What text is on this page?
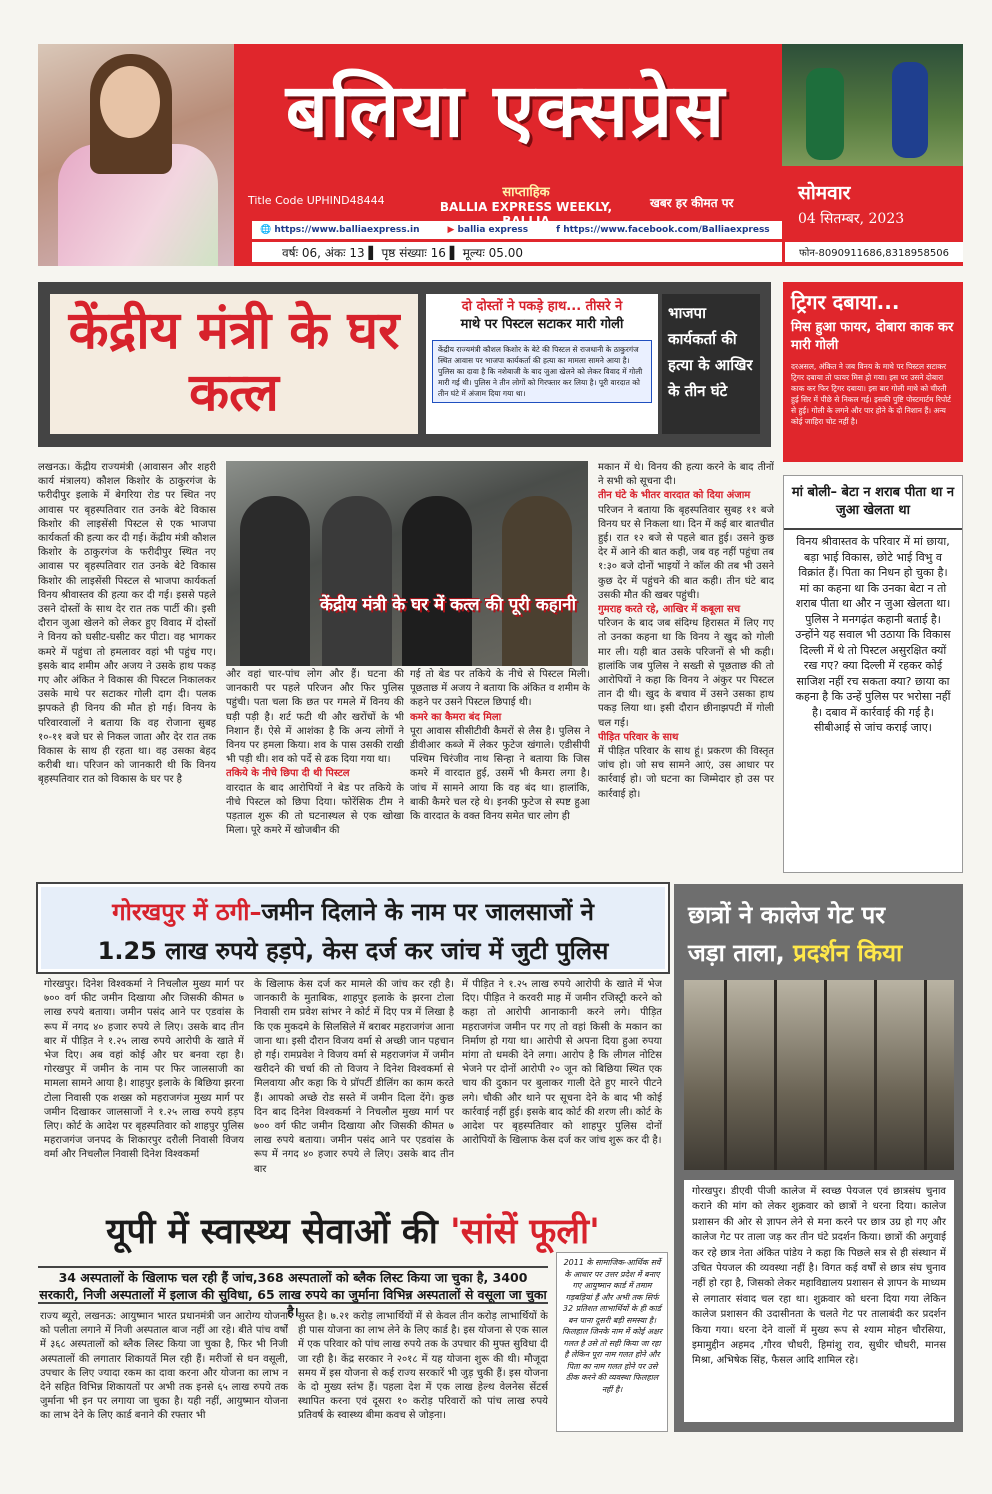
बलिया एक्सप्रेस
Title Code UPHIND48444
साप्ताहिक
BALLIA EXPRESS WEEKLY,	खबर हर कीमत पर	सोमवार
04 सितम्बर, 2023
🌐 https://www.balliaexpress.in	▶ ballia express	f https://www.facebook.com/Balliaexpress
वर्षः 06, अंकः 13 ▌ पृष्ठ संख्याः 16 ▌ मूल्यः 05.00	फोन-8090911686,8318958506
केंद्रीय मंत्री के घर कत्ल
दो दोस्तों ने पकड़े हाथ... तीसरे ने
माथे पर पिस्टल सटाकर मारी गोली
केंद्रीय राज्यमंत्री कौशल किशोर के बेटे की पिस्टल से राजधानी के ठाकुरगंज स्थित आवास पर भाजपा कार्यकर्ता की हत्या का मामला सामने आया है। पुलिस का दावा है कि नशेबाजी के बाद जुआ खेलने को लेकर विवाद में गोली मारी गई थी। पुलिस ने तीन लोगों को गिरफ्तार कर लिया है। पूरी वारदात को तीन घंटे में अंजाम दिया गया था।
भाजपा कार्यकर्ता की हत्या के आखिर के तीन घंटे
ट्रिगर दबाया...
मिस हुआ फायर, दोबारा काक कर मारी गोली
दरअसल, अंकित ने जब विनय के माथे पर पिस्टल सटाकर ट्रिगर दबाया तो फायर मिस हो गया। इस पर उसने दोबारा काक कर फिर ट्रिगर दबाया। इस बार गोली माथे को चीरती हुई सिर में पीछे से निकल गई। इसकी पुष्टि पोस्टमार्टम रिपोर्ट से हुई। गोली के लगने और पार होने के दो निशान हैं। अन्य कोई जाहिरा चोट नहीं है।
लखनऊ। केंद्रीय राज्यमंत्री (आवासन और शहरी कार्य मंत्रालय) कौशल किशोर के ठाकुरगंज के फरीदीपुर इलाके में बेगरिया रोड पर स्थित नए आवास पर बृहस्पतिवार रात उनके बेटे विकास किशोर की लाइसेंसी पिस्टल से एक भाजपा कार्यकर्ता की हत्या कर दी गई। केंद्रीय मंत्री कौशल किशोर के ठाकुरगंज के फरीदीपुर स्थित नए आवास पर बृहस्पतिवार रात उनके बेटे विकास किशोर की लाइसेंसी पिस्टल से भाजपा कार्यकर्ता विनय श्रीवास्तव की हत्या कर दी गई। इससे पहले उसने दोस्तों के साथ देर रात तक पार्टी की। इसी दौरान जुआ खेलने को लेकर हुए विवाद में दोस्तों ने विनय को घसीट-घसीट कर पीटा। वह भागकर कमरे में पहुंचा तो हमलावर वहां भी पहुंच गए। इसके बाद शमीम और अजय ने उसके हाथ पकड़ गए और अंकित ने विकास की पिस्टल निकालकर उसके माथे पर सटाकर गोली दाग दी। पलक झपकते ही विनय की मौत हो गई। विनय के परिवारवालों ने बताया कि वह रोजाना सुबह १०-११ बजे घर से निकल जाता और देर रात तक विकास के साथ ही रहता था। वह उसका बेहद करीबी था। परिजन को जानकारी थी कि विनय बृहस्पतिवार रात को विकास के घर पर है
केंद्रीय मंत्री के घर में कत्ल की पूरी कहानी
और वहां चार-पांच लोग और हैं। घटना की जानकारी पर पहले परिजन और फिर पुलिस पहुंची। पता चला कि छत पर गमले में विनय की घड़ी पड़ी है। शर्ट फटी थी और खरोंचों के भी निशान हैं। ऐसे में आशंका है कि अन्य लोगों ने विनय पर हमला किया। शव के पास उसकी राखी भी पड़ी थी। शव को पर्दे से ढक दिया गया था।
तकिये के नीचे छिपा दी थी पिस्टल
वारदात के बाद आरोपियों ने बेड पर तकिये के नीचे पिस्टल को छिपा दिया। फोरेंसिक टीम ने पड़ताल शुरू की तो घटनास्थल से एक खोखा मिला। पूरे कमरे में खोजबीन की
गई तो बेड पर तकिये के नीचे से पिस्टल मिली। पूछताछ में अजय ने बताया कि अंकित व शमीम के कहने पर उसने पिस्टल छिपाई थी।
कमरे का कैमरा बंद मिला
पूरा आवास सीसीटीवी कैमरों से लैस है। पुलिस ने डीवीआर कब्जे में लेकर फुटेज खंगाले। एडीसीपी पश्चिम चिरंजीव नाथ सिन्हा ने बताया कि जिस कमरे में वारदात हुई, उसमें भी कैमरा लगा है। जांच में सामने आया कि वह बंद था। हालांकि, बाकी कैमरे चल रहे थे। इनकी फुटेज से स्पष्ट हुआ कि वारदात के वक्त विनय समेत चार लोग ही
मकान में थे। विनय की हत्या करने के बाद तीनों ने सभी को सूचना दी।
तीन घंटे के भीतर वारदात को दिया अंजाम
परिजन ने बताया कि बृहस्पतिवार सुबह ११ बजे विनय घर से निकला था। दिन में कई बार बातचीत हुई। रात १२ बजे से पहले बात हुई। उसने कुछ देर में आने की बात कही, जब वह नहीं पहुंचा तब १:३० बजे दोनों भाइयों ने कॉल की तब भी उसने कुछ देर में पहुंचने की बात कही। तीन घंटे बाद उसकी मौत की खबर पहुंची।
गुमराह करते रहे, आखिर में कबूला सच
परिजन के बाद जब संदिग्ध हिरासत में लिए गए तो उनका कहना था कि विनय ने खुद को गोली मार ली। यही बात उसके परिजनों से भी कही। हालांकि जब पुलिस ने सख्ती से पूछताछ की तो आरोपियों ने कहा कि विनय ने अंकुर पर पिस्टल तान दी थी। खुद के बचाव में उसने उसका हाथ पकड़ लिया था। इसी दौरान छीनाझपटी में गोली चल गई।
पीड़ित परिवार के साथ
में पीड़ित परिवार के साथ हूं। प्रकरण की विस्तृत जांच हो। जो सच सामने आएं, उस आधार पर कार्रवाई हो। जो घटना का जिम्मेदार हो उस पर कार्रवाई हो।
मां बोली– बेटा न शराब पीता था न जुआ खेलता था
विनय श्रीवास्तव के परिवार में मां छाया, बड़ा भाई विकास, छोटे भाई विभु व विक्रांत हैं। पिता का निधन हो चुका है। मां का कहना था कि उनका बेटा न तो शराब पीता था और न जुआ खेलता था। पुलिस ने मनगढ़ंत कहानी बताई है। उन्होंने यह सवाल भी उठाया कि विकास दिल्ली में थे तो पिस्टल असुरक्षित क्यों रख गए? क्या दिल्ली में रहकर कोई साजिश नहीं रच सकता क्या? छाया का कहना है कि उन्हें पुलिस पर भरोसा नहीं है। दबाव में कार्रवाई की गई है। सीबीआई से जांच कराई जाए।
गोरखपुर में ठगी–जमीन दिलाने के नाम पर जालसाजों ने
1.25 लाख रुपये हड़पे, केस दर्ज कर जांच में जुटी पुलिस
गोरखपुर। दिनेश विश्वकर्मा ने निचलौल मुख्य मार्ग पर ७०० वर्ग फीट जमीन दिखाया और जिसकी कीमत ७ लाख रुपये बताया। जमीन पसंद आने पर एडवांस के रूप में नगद ४० हजार रुपये ले लिए। उसके बाद तीन बार में पीड़ित ने १.२५ लाख रुपये आरोपी के खाते में भेज दिए। अब वहां कोई और घर बनवा रहा है। गोरखपुर में जमीन के नाम पर फिर जालसाजी का मामला सामने आया है। शाहपुर इलाके के बिछिया झरना टोला निवासी एक शख्स को महराजगंज मुख्य मार्ग पर जमीन दिखाकर जालसाजों ने १.२५ लाख रुपये हड़प लिए। कोर्ट के आदेश पर बृहस्पतिवार को शाहपुर पुलिस महराजगंज जनपद के शिकारपुर दरौली निवासी विजय वर्मा और निचलौल निवासी दिनेश विश्वकर्मा
के खिलाफ केस दर्ज कर मामले की जांच कर रही है। जानकारी के मुताबिक, शाहपुर इलाके के झरना टोला निवासी राम प्रवेश सांभर ने कोर्ट में दिए पत्र में लिखा है कि एक मुकदमे के सिलसिले में बराबर महराजगंज आना जाना था। इसी दौरान विजय वर्मा से अच्छी जान पहचान हो गई। रामप्रवेश ने विजय वर्मा से महराजगंज में जमीन खरीदने की चर्चा की तो विजय ने दिनेश विश्वकर्मा से मिलवाया और कहा कि ये प्रॉपर्टी डीलिंग का काम करते हैं। आपको अच्छे रोड सस्ते में जमीन दिला देंगे। कुछ दिन बाद दिनेश विश्वकर्मा ने निचलौल मुख्य मार्ग पर ७०० वर्ग फीट जमीन दिखाया और जिसकी कीमत ७ लाख रुपये बताया। जमीन पसंद आने पर एडवांस के रूप में नगद ४० हजार रुपये ले लिए। उसके बाद तीन बार
में पीड़ित ने १.२५ लाख रुपये आरोपी के खाते में भेज दिए। पीड़ित ने करवरी माह में जमीन रजिस्ट्री करने को कहा तो आरोपी आनाकानी करने लगे। पीड़ित महराजगंज जमीन पर गए तो वहां किसी के मकान का निर्माण हो गया था। आरोपी से अपना दिया हुआ रुपया मांगा तो धमकी देने लगा। आरोप है कि लीगल नोटिस भेजने पर दोनों आरोपी २० जून को बिछिया स्थित एक चाय की दुकान पर बुलाकर गाली देते हुए मारने पीटने लगे। चौकी और थाने पर सूचना देने के बाद भी कोई कार्रवाई नहीं हुई। इसके बाद कोर्ट की शरण ली। कोर्ट के आदेश पर बृहस्पतिवार को शाहपुर पुलिस दोनों आरोपियों के खिलाफ केस दर्ज कर जांच शुरू कर दी है।
छात्रों ने कालेज गेट पर
जड़ा ताला, प्रदर्शन किया
गोरखपुर। डीएवी पीजी कालेज में स्वच्छ पेयजल एवं छात्रसंघ चुनाव कराने की मांग को लेकर शुक्रवार को छात्रों ने धरना दिया। कालेज प्रशासन की ओर से ज्ञापन लेने से मना करने पर छात्र उग्र हो गए और कालेज गेट पर ताला जड़ कर तीन घंटे प्रदर्शन किया। छात्रों की अगुवाई कर रहे छात्र नेता अंकित पांडेय ने कहा कि पिछले सत्र से ही संस्थान में उचित पेयजल की व्यवस्था नहीं है। विगत कई वर्षों से छात्र संघ चुनाव नहीं हो रहा है, जिसको लेकर महाविद्यालय प्रशासन से ज्ञापन के माध्यम से लगातार संवाद चल रहा था। शुक्रवार को धरना दिया गया लेकिन कालेज प्रशासन की उदासीनता के चलते गेट पर तालाबंदी कर प्रदर्शन किया गया। धरना देने वालों में मुख्य रूप से श्याम मोहन चौरसिया, इमामुद्दीन अहमद ,गौरव चौधरी, हिमांशु राव, सुधीर चौधरी, मानस मिश्रा, अभिषेक सिंह, फैसल आदि शामिल रहे।
यूपी में स्वास्थ्य सेवाओं की 'सांसें फूली'
34 अस्पतालों के खिलाफ चल रही हैं जांच,368 अस्पतालों को ब्लैक लिस्ट किया जा चुका है, 3400 सरकारी, निजी अस्पतालों में इलाज की सुविधा, 65 लाख रुपये का जुर्माना विभिन्न अस्पतालों से वसूला जा चुका है।
राज्य ब्यूरो, लखनऊ: आयुष्मान भारत प्रधानमंत्री जन आरोग्य योजना को पलीता लगाने में निजी अस्पताल बाज नहीं आ रहे। बीते पांच वर्षों में ३६८ अस्पतालों को ब्लैक लिस्ट किया जा चुका है, फिर भी निजी अस्पतालों की लगातार शिकायतें मिल रही हैं। मरीजों से धन वसूली, उपचार के लिए ज्यादा रकम का दावा करना और योजना का लाभ न देने सहित विभिन्न शिकायतों पर अभी तक इनसे ६५ लाख रुपये तक जुर्माना भी इन पर लगाया जा चुका है। यही नहीं, आयुष्मान योजना का लाभ देने के लिए कार्ड बनाने की रफ्तार भी
सुस्त है। ७.२१ करोड़ लाभार्थियों में से केवल तीन करोड़ लाभार्थियों के ही पास योजना का लाभ लेने के लिए कार्ड है। इस योजना से एक साल में एक परिवार को पांच लाख रुपये तक के उपचार की मुफ्त सुविधा दी जा रही है। केंद्र सरकार ने २०१८ में यह योजना शुरू की थी। मौजूदा समय में इस योजना से कई राज्य सरकारें भी जुड़ चुकी हैं। इस योजना के दो मुख्य स्तंभ हैं। पहला देश में एक लाख हेल्थ वेलनेस सेंटर्स स्थापित करना एवं दूसरा १० करोड़ परिवारों को पांच लाख रुपये प्रतिवर्ष के स्वास्थ्य बीमा कवच से जोड़ना।
2011 के सामाजिक-आर्थिक सर्वे के आधार पर उत्तर प्रदेश में बनाए गए आयुष्मान कार्ड में तमाम गड़बड़ियां हैं और अभी तक सिर्फ 32 प्रतिशत लाभार्थियों के ही कार्ड बन पाना दूसरी बड़ी समस्या है। फिलहाल जिनके नाम में कोई अक्षर गलत है उसे तो सही किया जा रहा है लेकिन पूरा नाम गलत होने और पिता का नाम गलत होने पर उसे ठीक करने की व्यवस्था फिलहाल नहीं है।
